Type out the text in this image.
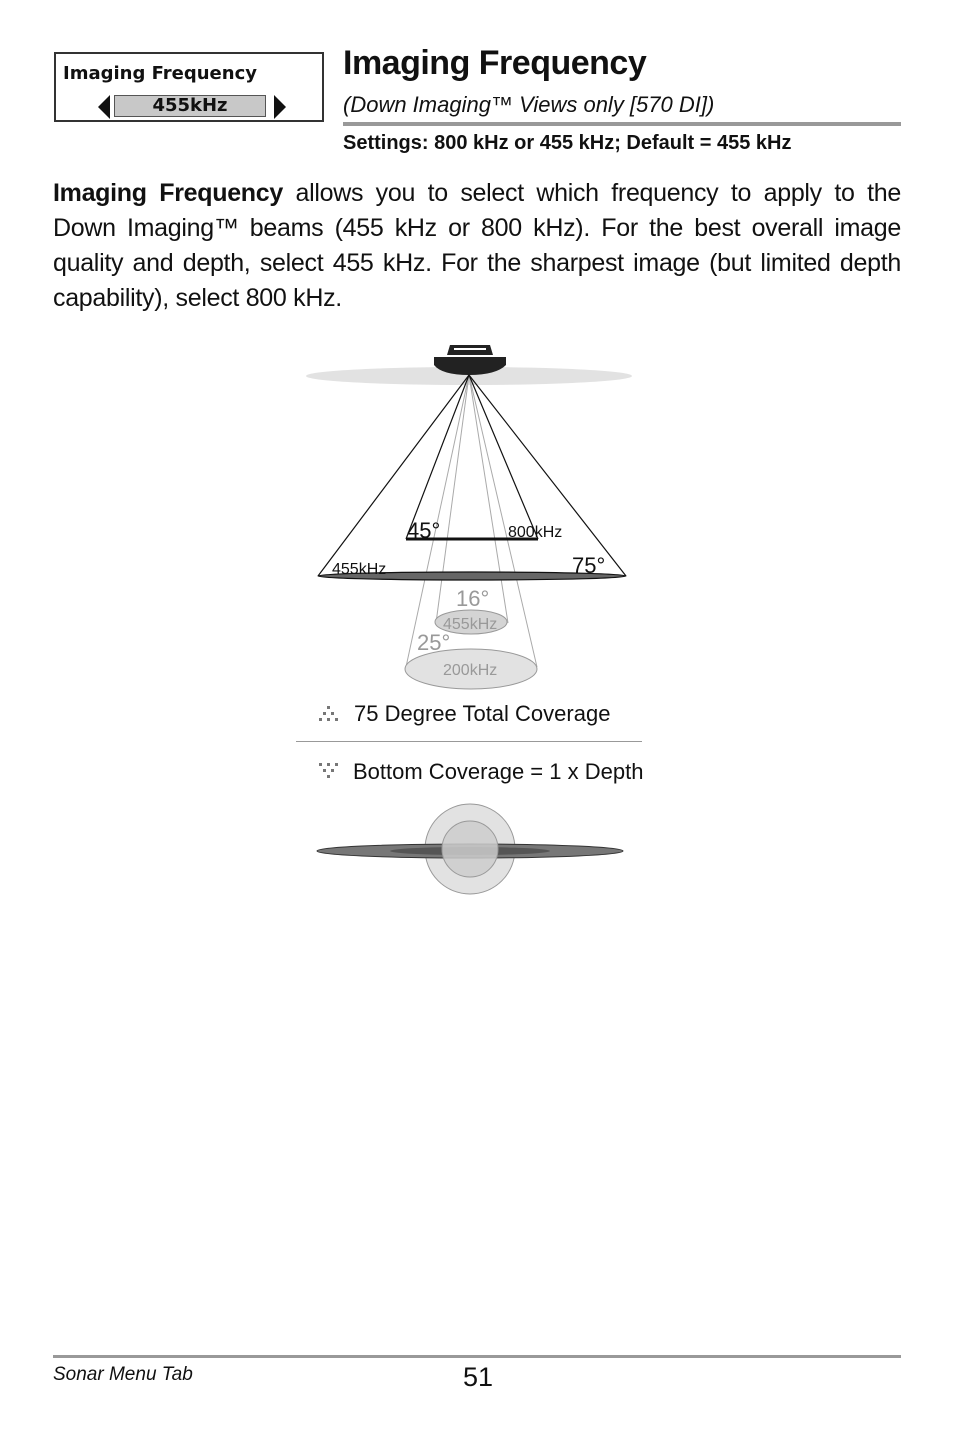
Imaging Frequency
455kHz
Imaging Frequency
(Down Imaging™ Views only [570 DI])
Settings: 800 kHz or 455 kHz; Default = 455 kHz
Imaging Frequency allows you to select which frequency to apply to the Down Imaging™ beams (455 kHz or 800 kHz). For the best overall image quality and depth, select 455 kHz. For the sharpest image (but limited depth capability), select 800 kHz.
45°	800kHz
455kHz	75°
16°
455kHz
25°
200kHz
75 Degree Total Coverage
Bottom Coverage = 1 x Depth
Sonar Menu Tab	51
